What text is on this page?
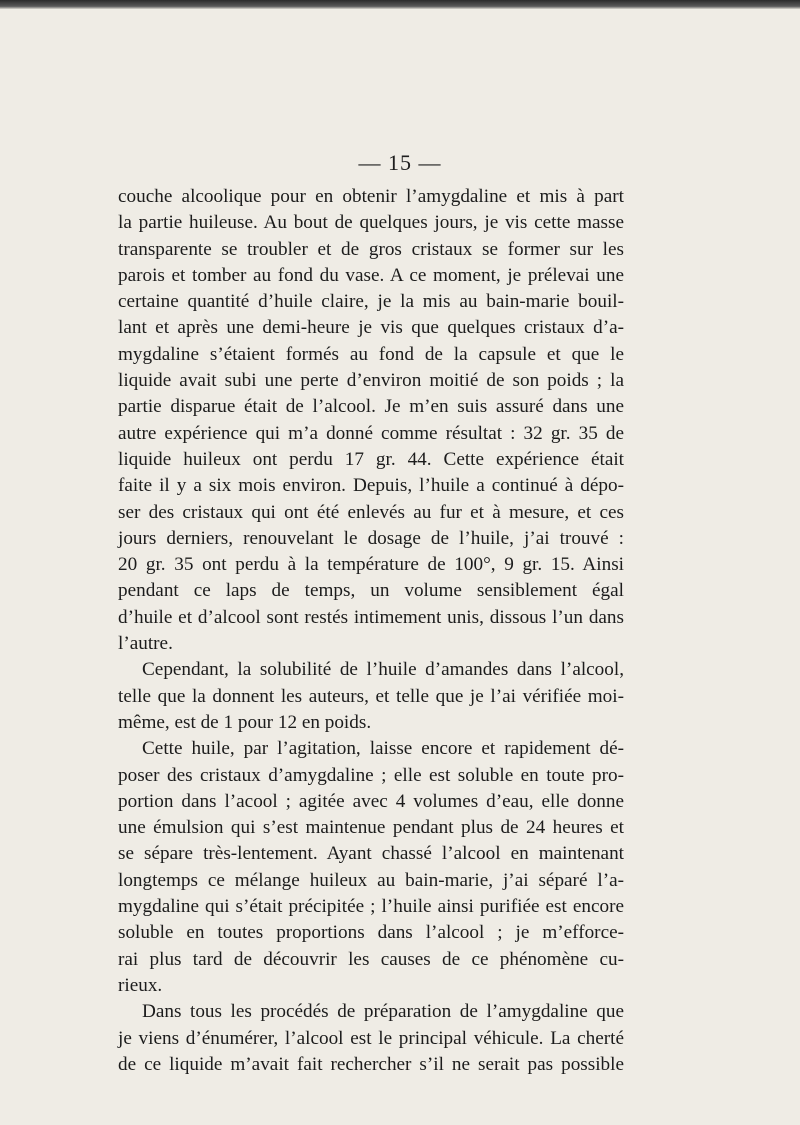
— 15 —
couche alcoolique pour en obtenir l’amygdaline et mis à part
la partie huileuse. Au bout de quelques jours, je vis cette masse
transparente se troubler et de gros cristaux se former sur les
parois et tomber au fond du vase. A ce moment, je prélevai une
certaine quantité d’huile claire, je la mis au bain-marie bouil-
lant et après une demi-heure je vis que quelques cristaux d’a-
mygdaline s’étaient formés au fond de la capsule et que le
liquide avait subi une perte d’environ moitié de son poids ; la
partie disparue était de l’alcool. Je m’en suis assuré dans une
autre expérience qui m’a donné comme résultat : 32 gr. 35 de
liquide huileux ont perdu 17 gr. 44. Cette expérience était
faite il y a six mois environ. Depuis, l’huile a continué à dépo-
ser des cristaux qui ont été enlevés au fur et à mesure, et ces
jours derniers, renouvelant le dosage de l’huile, j’ai trouvé :
20 gr. 35 ont perdu à la température de 100°, 9 gr. 15. Ainsi
pendant ce laps de temps, un volume sensiblement égal
d’huile et d’alcool sont restés intimement unis, dissous l’un dans
l’autre.
Cependant, la solubilité de l’huile d’amandes dans l’alcool,
telle que la donnent les auteurs, et telle que je l’ai vérifiée moi-
même, est de 1 pour 12 en poids.
Cette huile, par l’agitation, laisse encore et rapidement dé-
poser des cristaux d’amygdaline ; elle est soluble en toute pro-
portion dans l’acool ; agitée avec 4 volumes d’eau, elle donne
une émulsion qui s’est maintenue pendant plus de 24 heures et
se sépare très-lentement. Ayant chassé l’alcool en maintenant
longtemps ce mélange huileux au bain-marie, j’ai séparé l’a-
mygdaline qui s’était précipitée ; l’huile ainsi purifiée est encore
soluble en toutes proportions dans l’alcool ; je m’efforce-
rai plus tard de découvrir les causes de ce phénomène cu-
rieux.
Dans tous les procédés de préparation de l’amygdaline que
je viens d’énumérer, l’alcool est le principal véhicule. La cherté
de ce liquide m’avait fait rechercher s’il ne serait pas possible
